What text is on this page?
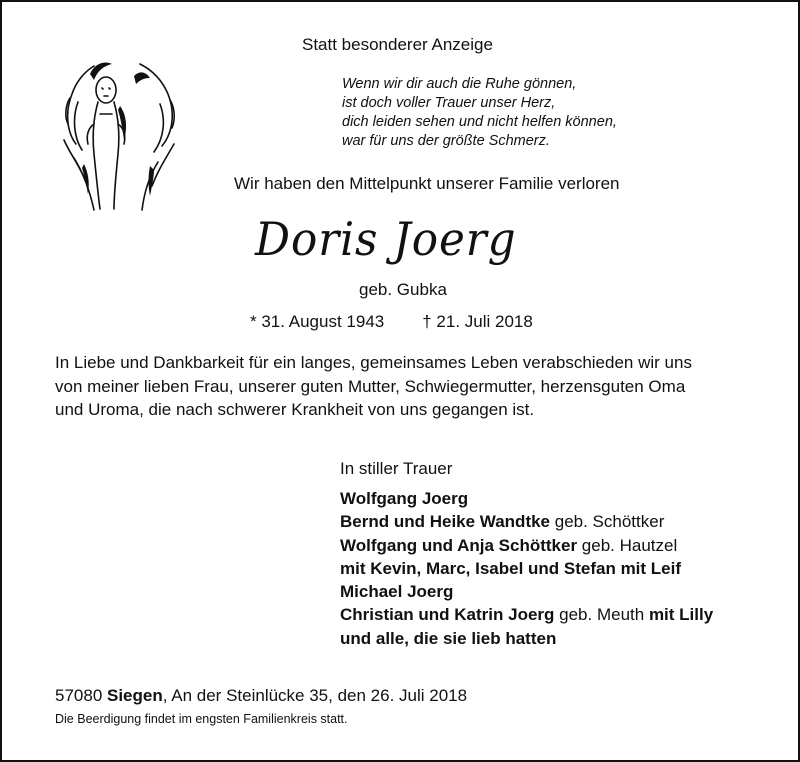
Statt besonderer Anzeige
Wenn wir dir auch die Ruhe gönnen,
ist doch voller Trauer unser Herz,
dich leiden sehen und nicht helfen können,
war für uns der größte Schmerz.
Wir haben den Mittelpunkt unserer Familie verloren
Doris Joerg
geb. Gubka
* 31. August 1943 † 21. Juli 2018
In Liebe und Dankbarkeit für ein langes, gemeinsames Leben verabschieden wir uns
von meiner lieben Frau, unserer guten Mutter, Schwiegermutter, herzensguten Oma
und Uroma, die nach schwerer Krankheit von uns gegangen ist.
In stiller Trauer
Wolfgang Joerg
Bernd und Heike Wandtke geb. Schöttker
Wolfgang und Anja Schöttker geb. Hautzel
mit Kevin, Marc, Isabel und Stefan mit Leif
Michael Joerg
Christian und Katrin Joerg geb. Meuth mit Lilly
und alle, die sie lieb hatten
57080 Siegen, An der Steinlücke 35, den 26. Juli 2018
Die Beerdigung findet im engsten Familienkreis statt.
